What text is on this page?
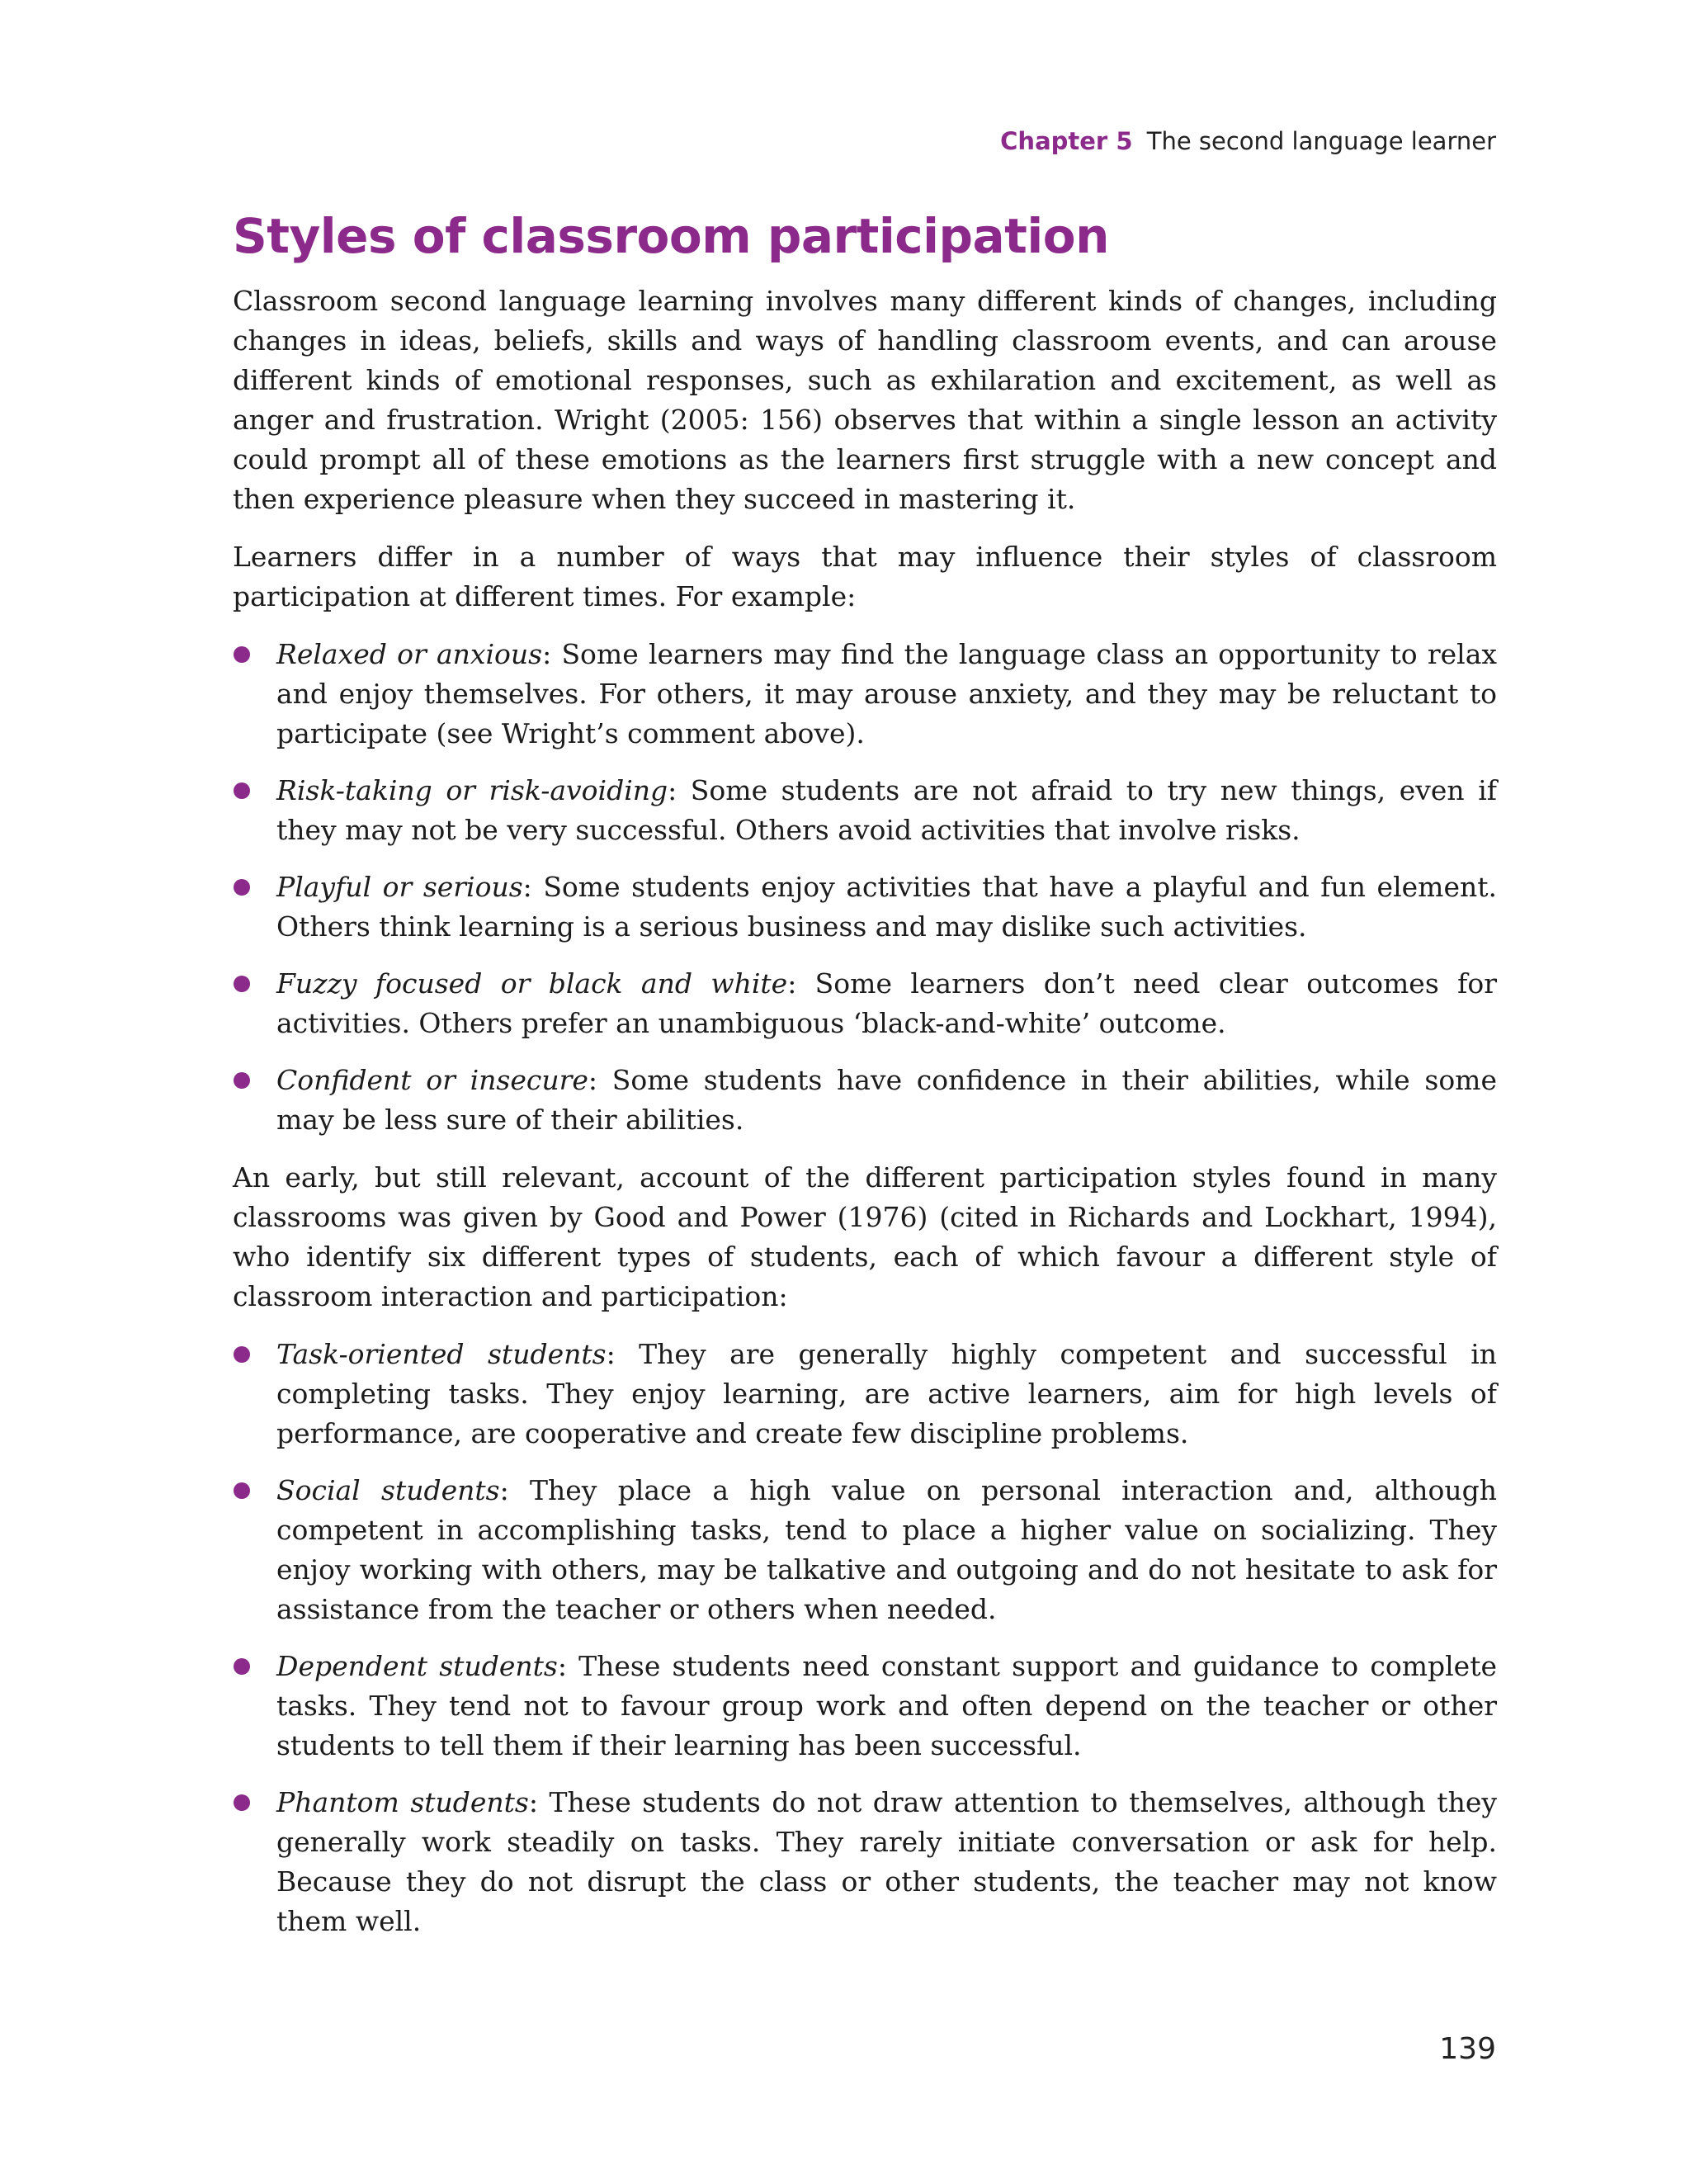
Chapter 5 The second language learner
Styles of classroom participation

Classroom second language learning involves many different kinds of changes, including changes in ideas, beliefs, skills and ways of handling classroom events, and can arouse different kinds of emotional responses, such as exhilaration and excitement, as well as anger and frustration. Wright (2005: 156) observes that within a single lesson an activity could prompt all of these emotions as the learners first struggle with a new concept and then experience pleasure when they succeed in mastering it.

Learners differ in a number of ways that may influence their styles of classroom participation at different times. For example:

Relaxed or anxious: Some learners may find the language class an opportunity to relax and enjoy themselves. For others, it may arouse anxiety, and they may be reluctant to participate (see Wright’s comment above).
Risk-taking or risk-avoiding: Some students are not afraid to try new things, even if they may not be very successful. Others avoid activities that involve risks.
Playful or serious: Some students enjoy activities that have a playful and fun element. Others think learning is a serious business and may dislike such activities.
Fuzzy focused or black and white: Some learners don’t need clear outcomes for activities. Others prefer an unambiguous ‘black-and-white’ outcome.
Confident or insecure: Some students have confidence in their abilities, while some may be less sure of their abilities.

An early, but still relevant, account of the different participation styles found in many classrooms was given by Good and Power (1976) (cited in Richards and Lockhart, 1994), who identify six different types of students, each of which favour a different style of classroom interaction and participation:

Task-oriented students: They are generally highly competent and successful in completing tasks. They enjoy learning, are active learners, aim for high levels of performance, are cooperative and create few discipline problems.
Social students: They place a high value on personal interaction and, although competent in accomplishing tasks, tend to place a higher value on socializing. They enjoy working with others, may be talkative and outgoing and do not hesitate to ask for assistance from the teacher or others when needed.
Dependent students: These students need constant support and guidance to complete tasks. They tend not to favour group work and often depend on the teacher or other students to tell them if their learning has been successful.
Phantom students: These students do not draw attention to themselves, although they generally work steadily on tasks. They rarely initiate conversation or ask for help. Because they do not disrupt the class or other students, the teacher may not know them well.
139
